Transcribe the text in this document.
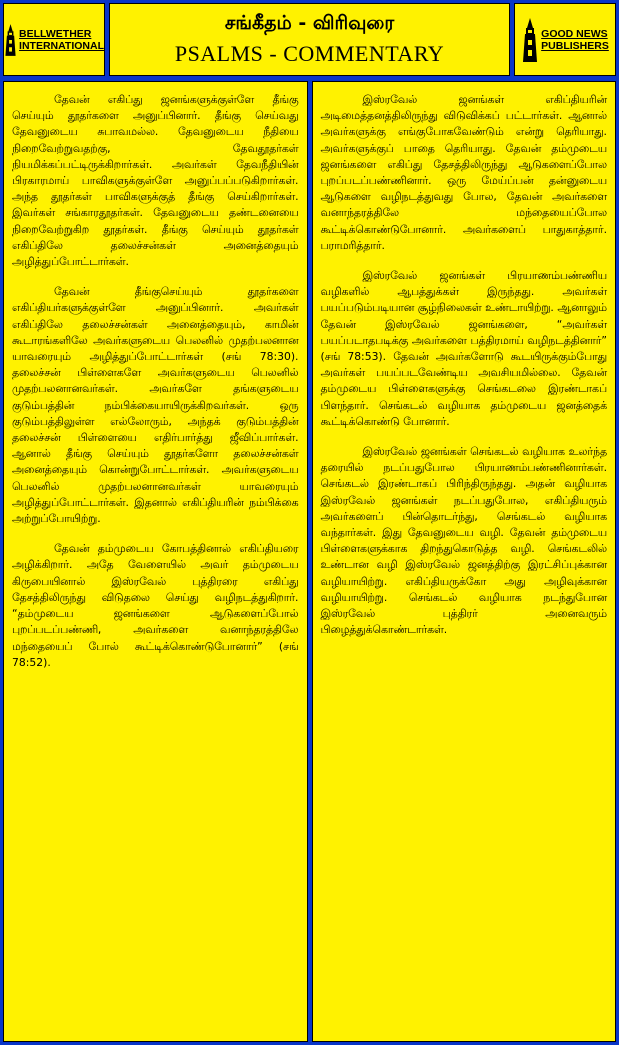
BELLWETHER
INTERNATIONAL
சங்கீதம் - விரிவுரை
PSALMS - COMMENTARY
GOOD NEWS
PUBLISHERS

தேவன் எகிப்து ஜனங்களுக்குள்ளே தீங்கு செய்யும் தூதர்களை அனுப்பினார். தீங்கு செய்வது தேவனுடைய சுபாவமல்ல. தேவனுடைய நீதியை நிறைவேற்றுவதற்கு, தேவதூதர்கள் நியமிக்கப்பட்டிருக்கிறார்கள். அவர்கள் தேவநீதியின் பிரகாரமாய் பாவிகளுக்குள்ளே அனுப்பப்படுகிறார்கள். அந்த தூதர்கள் பாவிகளுக்குத் தீங்கு செய்கிறார்கள். இவர்கள் சங்காரதூதர்கள். தேவனுடைய தண்டனையை நிறைவேற்றுகிற தூதர்கள். தீங்கு செய்யும் தூதர்கள் எகிப்திலே தலைச்சன்கள் அனைத்தையும் அழித்துப்போட்டார்கள்.

தேவன் தீங்குசெய்யும் தூதர்களை எகிப்தியர்களுக்குள்ளே அனுப்பினார். அவர்கள் எகிப்திலே தலைச்சன்கள் அனைத்தையும், காமின் கூடாரங்களிலே அவர்களுடைய பெலனில் முதற்பலனான யாவரையும் அழித்துப்போட்டார்கள் (சங் 78:30). தலைச்சன் பிள்ளைகளே அவர்களுடைய பெலனில் முதற்பலனானவர்கள். அவர்களே தங்களுடைய குடும்பத்தின் நம்பிக்கையாயிருக்கிறவர்கள். ஒரு குடும்பத்திலுள்ள எல்லோரும், அந்தக் குடும்பத்தின் தலைச்சன் பிள்ளையை எதிர்பார்த்து ஜீவிப்பார்கள். ஆனால் தீங்கு செய்யும் தூதர்களோ தலைச்சன்கள் அனைத்தையும் கொன்றுபோட்டார்கள். அவர்களுடைய பெலனில் முதற்பலனானவர்கள் யாவரையும் அழித்துப்போட்டார்கள். இதனால் எகிப்தியரின் நம்பிக்கை அற்றுப்போயிற்று.

தேவன் தம்முடைய கோபத்தினால் எகிப்தியரை அழிக்கிறார். அதே வேளையில் அவர் தம்முடைய கிருபையினால் இஸ்ரவேல் புத்திரரை எகிப்து தேசத்திலிருந்து விடுதலை செய்து வழிநடத்துகிறார். “தம்முடைய ஜனங்களை ஆடுகளைப்போல் புறப்படப்பண்ணி, அவர்களை வனாந்தரத்திலே மந்தையைப் போல் கூட்டிக்கொண்டுபோனார்” (சங் 78:52).

இஸ்ரவேல் ஜனங்கள் எகிப்தியரின் அடிமைத்தனத்திலிருந்து விடுவிக்கப் பட்டார்கள். ஆனால் அவர்களுக்கு எங்குபோகவேண்டும் என்று தெரியாது. அவர்களுக்குப் பாதை தெரியாது. தேவன் தம்முடைய ஜனங்களை எகிப்து தேசத்திலிருந்து ஆடுகளைப்போல புறப்படப்பண்ணினார். ஒரு மேய்ப்பன் தன்னுடைய ஆடுகளை வழிநடத்துவது போல, தேவன் அவர்களை வனாந்தரத்திலே மந்தையைப்போல கூட்டிக்கொண்டுபோனார். அவர்களைப் பாதுகாத்தார். பராமரித்தார்.

இஸ்ரவேல் ஜனங்கள் பிரயாணம்பண்ணிய வழிகளில் ஆபத்துக்கள் இருந்தது. அவர்கள் பயப்படும்படியான சூழ்நிலைகள் உண்டாயிற்று. ஆனாலும் தேவன் இஸ்ரவேல் ஜனங்களை, “அவர்கள் பயப்படாதபடிக்கு அவர்களை பத்திரமாய் வழிநடத்தினார்” (சங் 78:53). தேவன் அவர்களோடு கூடயிருக்கும்போது அவர்கள் பயப்படவேண்டிய அவசியமில்லை. தேவன் தம்முடைய பிள்ளைகளுக்கு செங்கடலை இரண்டாகப் பிளந்தார். செங்கடல் வழியாக தம்முடைய ஜனத்தைக் கூட்டிக்கொண்டு போனார்.

இஸ்ரவேல் ஜனங்கள் செங்கடல் வழியாக உலர்ந்த தரையில் நடப்பதுபோல பிரயாணம்பண்ணினார்கள். செங்கடல் இரண்டாகப் பிரிந்திருந்தது. அதன் வழியாக இஸ்ரவேல் ஜனங்கள் நடப்பதுபோல, எகிப்தியரும் அவர்களைப் பின்தொடர்ந்து, செங்கடல் வழியாக வந்தார்கள். இது தேவனுடைய வழி. தேவன் தம்முடைய பிள்ளைகளுக்காக திறந்துகொடுத்த வழி. செங்கடலில் உண்டான வழி இஸ்ரவேல் ஜனத்திற்கு இரட்சிப்புக்கான வழியாயிற்று. எகிப்தியருக்கோ அது அழிவுக்கான வழியாயிற்று. செங்கடல் வழியாக நடந்துபோன இஸ்ரவேல் புத்திரர் அனைவரும் பிழைத்துக்கொண்டார்கள்.
